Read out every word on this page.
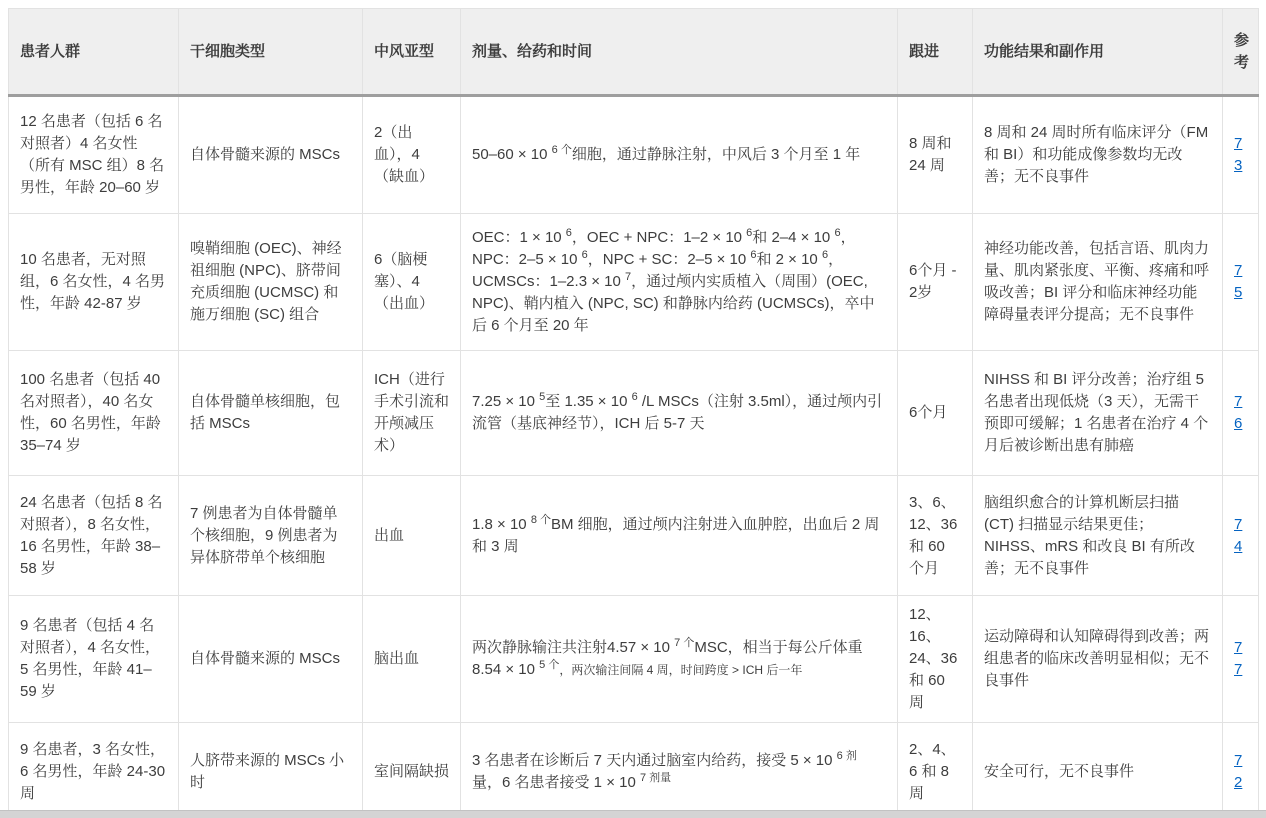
患者人群	干细胞类型	中风亚型	剂量、给药和时间	跟进	功能结果和副作用	参考
12 名患者（包括 6 名对照者）4 名女性（所有 MSC 组）8 名男性，年龄 20–60 岁	自体骨髓来源的 MSCs	2（出血），4（缺血）	50–60 × 10 $^{6 个}$细胞，通过静脉注射，中风后 3 个月至 1 年	8 周和 24 周	8 周和 24 周时所有临床评分（FM 和 BI）和功能成像参数均无改善；无不良事件	73
10 名患者，无对照组，6 名女性，4 名男性，年龄 42-87 岁	嗅鞘细胞 (OEC)、神经祖细胞 (NPC)、脐带间充质细胞 (UCMSC) 和施万细胞 (SC) 组合	6（脑梗塞）、4（出血）	OEC：1 × 10 $^6$，OEC + NPC：1–2 × 10 $^6$和 2–4 × 10 $^6$，NPC：2–5 × 10 $^6$，NPC + SC：2–5 × 10 $^6$和 2 × 10 $^6$，UCMSCs：1–2.3 × 10 $^7$，通过颅内实质植入（周围）(OEC, NPC)、鞘内植入 (NPC, SC) 和静脉内给药 (UCMSCs)，卒中后 6 个月至 20 年	6个月 - 2岁	神经功能改善，包括言语、肌肉力量、肌肉紧张度、平衡、疼痛和呼吸改善；BI 评分和临床神经功能障碍量表评分提高；无不良事件	75
100 名患者（包括 40 名对照者），40 名女性，60 名男性，年龄 35–74 岁	自体骨髓单核细胞，包括 MSCs	ICH（进行手术引流和开颅减压术）	7.25 × 10 $^5$至 1.35 × 10 $^6$ /L MSCs（注射 3.5ml），通过颅内引流管（基底神经节），ICH 后 5-7 天	6个月	NIHSS 和 BI 评分改善；治疗组 5 名患者出现低烧（3 天），无需干预即可缓解；1 名患者在治疗 4 个月后被诊断出患有肺癌	76
24 名患者（包括 8 名对照者），8 名女性，16 名男性，年龄 38–58 岁	7 例患者为自体骨髓单个核细胞，9 例患者为异体脐带单个核细胞	出血	1.8 × 10 $^{8 个}$BM 细胞，通过颅内注射进入血肿腔，出血后 2 周和 3 周	3、6、12、36 和 60 个月	脑组织愈合的计算机断层扫描 (CT) 扫描显示结果更佳；NIHSS、mRS 和改良 BI 有所改善；无不良事件	74
9 名患者（包括 4 名对照者），4 名女性，5 名男性，年龄 41–59 岁	自体骨髓来源的 MSCs	脑出血	两次静脉输注共注射4.57 × 10 $^{7 个}$MSC，相当于每公斤体重 8.54 × 10 $^{5 个}$，两次输注间隔 4 周，时间跨度 > ICH 后一年	12、16、24、36 和 60 周	运动障碍和认知障碍得到改善；两组患者的临床改善明显相似；无不良事件	77
9 名患者，3 名女性，6 名男性，年龄 24-30 周	人脐带来源的 MSCs 小时	室间隔缺损	3 名患者在诊断后 7 天内通过脑室内给药，接受 5 × 10 $^{6 剂}$量，6 名患者接受 1 × 10 $^{7 剂量}$	2、4、6 和 8 周	安全可行，无不良事件	72
